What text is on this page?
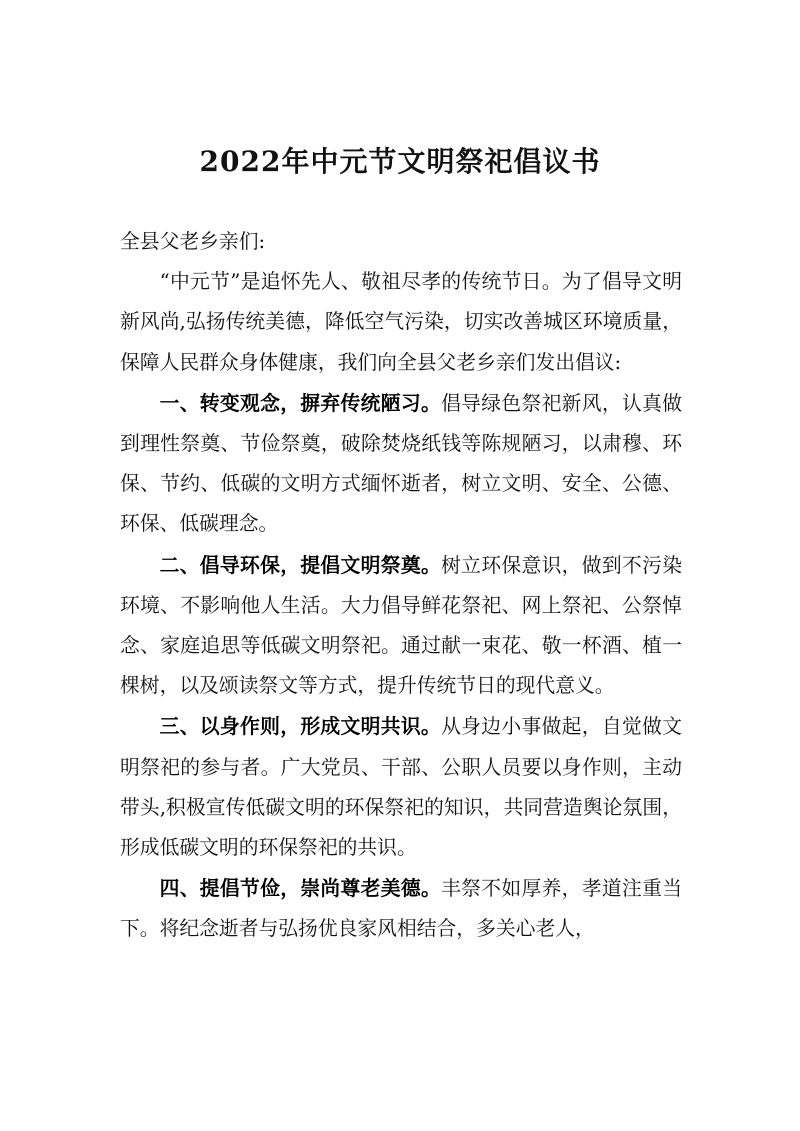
2022年中元节文明祭祀倡议书

全县父老乡亲们:

“中元节”是追怀先人、敬祖尽孝的传统节日。为了倡导文明新风尚,弘扬传统美德，降低空气污染，切实改善城区环境质量，保障人民群众身体健康，我们向全县父老乡亲们发出倡议:

一、转变观念，摒弃传统陋习。倡导绿色祭祀新风，认真做到理性祭奠、节俭祭奠，破除焚烧纸钱等陈规陋习，以肃穆、环保、节约、低碳的文明方式缅怀逝者，树立文明、安全、公德、环保、低碳理念。

二、倡导环保，提倡文明祭奠。树立环保意识，做到不污染环境、不影响他人生活。大力倡导鲜花祭祀、网上祭祀、公祭悼念、家庭追思等低碳文明祭祀。通过献一束花、敬一杯酒、植一棵树，以及颂读祭文等方式，提升传统节日的现代意义。

三、以身作则，形成文明共识。从身边小事做起，自觉做文明祭祀的参与者。广大党员、干部、公职人员要以身作则，主动带头,积极宣传低碳文明的环保祭祀的知识，共同营造舆论氛围，形成低碳文明的环保祭祀的共识。

四、提倡节俭，崇尚尊老美德。丰祭不如厚养，孝道注重当下。将纪念逝者与弘扬优良家风相结合，多关心老人，
